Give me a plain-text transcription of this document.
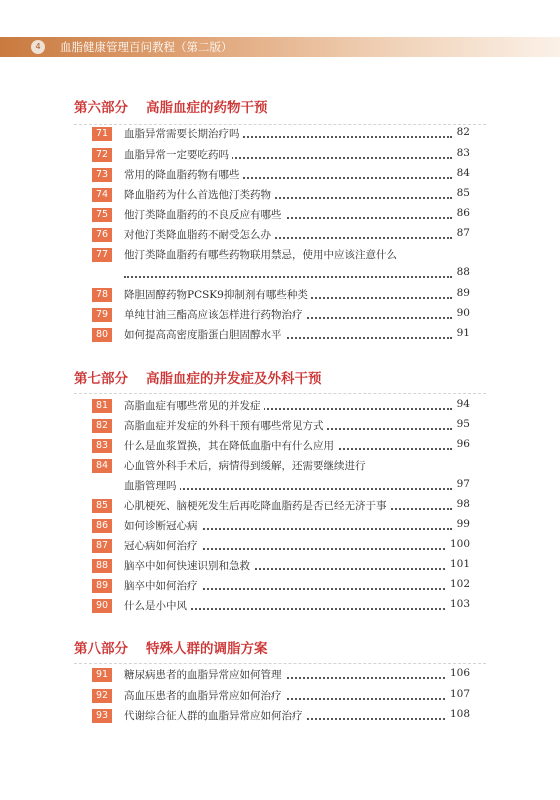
4	血脂健康管理百问教程（第二版）
第六部分 高脂血症的药物干预
71	血脂异常需要长期治疗吗	82
72	血脂异常一定要吃药吗	83
73	常用的降血脂药物有哪些	84
74	降血脂药为什么首选他汀类药物	85
75	他汀类降血脂药的不良反应有哪些	86
76	对他汀类降血脂药不耐受怎么办	87
77	他汀类降血脂药有哪些药物联用禁忌，使用中应该注意什么
88
78	降胆固醇药物PCSK9抑制剂有哪些种类	89
79	单纯甘油三酯高应该怎样进行药物治疗	90
80	如何提高高密度脂蛋白胆固醇水平	91
第七部分 高脂血症的并发症及外科干预
81	高脂血症有哪些常见的并发症	94
82	高脂血症并发症的外科干预有哪些常见方式	95
83	什么是血浆置换，其在降低血脂中有什么应用	96
84	心血管外科手术后，病情得到缓解，还需要继续进行
血脂管理吗	97
85	心肌梗死、脑梗死发生后再吃降血脂药是否已经无济于事	98
86	如何诊断冠心病	99
87	冠心病如何治疗	100
88	脑卒中如何快速识别和急救	101
89	脑卒中如何治疗	102
90	什么是小中风	103
第八部分 特殊人群的调脂方案
91	糖尿病患者的血脂异常应如何管理	106
92	高血压患者的血脂异常应如何治疗	107
93	代谢综合征人群的血脂异常应如何治疗	108
